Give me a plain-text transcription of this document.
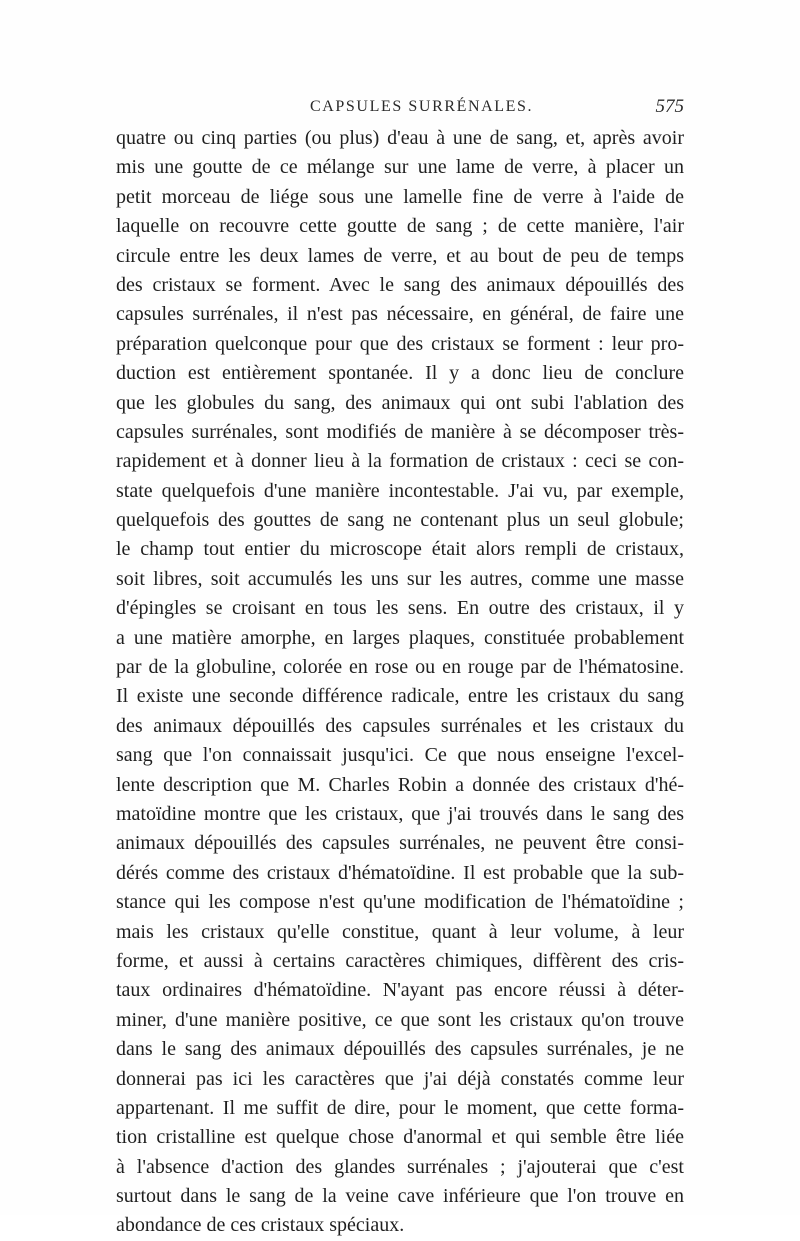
CAPSULES SURRÉNALES.	575
quatre ou cinq parties (ou plus) d'eau à une de sang, et, après avoir
mis une goutte de ce mélange sur une lame de verre, à placer un
petit morceau de liége sous une lamelle fine de verre à l'aide de
laquelle on recouvre cette goutte de sang ; de cette manière, l'air
circule entre les deux lames de verre, et au bout de peu de temps
des cristaux se forment. Avec le sang des animaux dépouillés des
capsules surrénales, il n'est pas nécessaire, en général, de faire une
préparation quelconque pour que des cristaux se forment : leur pro-
duction est entièrement spontanée. Il y a donc lieu de conclure
que les globules du sang, des animaux qui ont subi l'ablation des
capsules surrénales, sont modifiés de manière à se décomposer très-
rapidement et à donner lieu à la formation de cristaux : ceci se con-
state quelquefois d'une manière incontestable. J'ai vu, par exemple,
quelquefois des gouttes de sang ne contenant plus un seul globule;
le champ tout entier du microscope était alors rempli de cristaux,
soit libres, soit accumulés les uns sur les autres, comme une masse
d'épingles se croisant en tous les sens. En outre des cristaux, il y
a une matière amorphe, en larges plaques, constituée probablement
par de la globuline, colorée en rose ou en rouge par de l'hématosine.
Il existe une seconde différence radicale, entre les cristaux du sang
des animaux dépouillés des capsules surrénales et les cristaux du
sang que l'on connaissait jusqu'ici. Ce que nous enseigne l'excel-
lente description que M. Charles Robin a donnée des cristaux d'hé-
matoïdine montre que les cristaux, que j'ai trouvés dans le sang des
animaux dépouillés des capsules surrénales, ne peuvent être consi-
dérés comme des cristaux d'hématoïdine. Il est probable que la sub-
stance qui les compose n'est qu'une modification de l'hématoïdine ;
mais les cristaux qu'elle constitue, quant à leur volume, à leur
forme, et aussi à certains caractères chimiques, diffèrent des cris-
taux ordinaires d'hématoïdine. N'ayant pas encore réussi à déter-
miner, d'une manière positive, ce que sont les cristaux qu'on trouve
dans le sang des animaux dépouillés des capsules surrénales, je ne
donnerai pas ici les caractères que j'ai déjà constatés comme leur
appartenant. Il me suffit de dire, pour le moment, que cette forma-
tion cristalline est quelque chose d'anormal et qui semble être liée
à l'absence d'action des glandes surrénales ; j'ajouterai que c'est
surtout dans le sang de la veine cave inférieure que l'on trouve en
abondance de ces cristaux spéciaux.
